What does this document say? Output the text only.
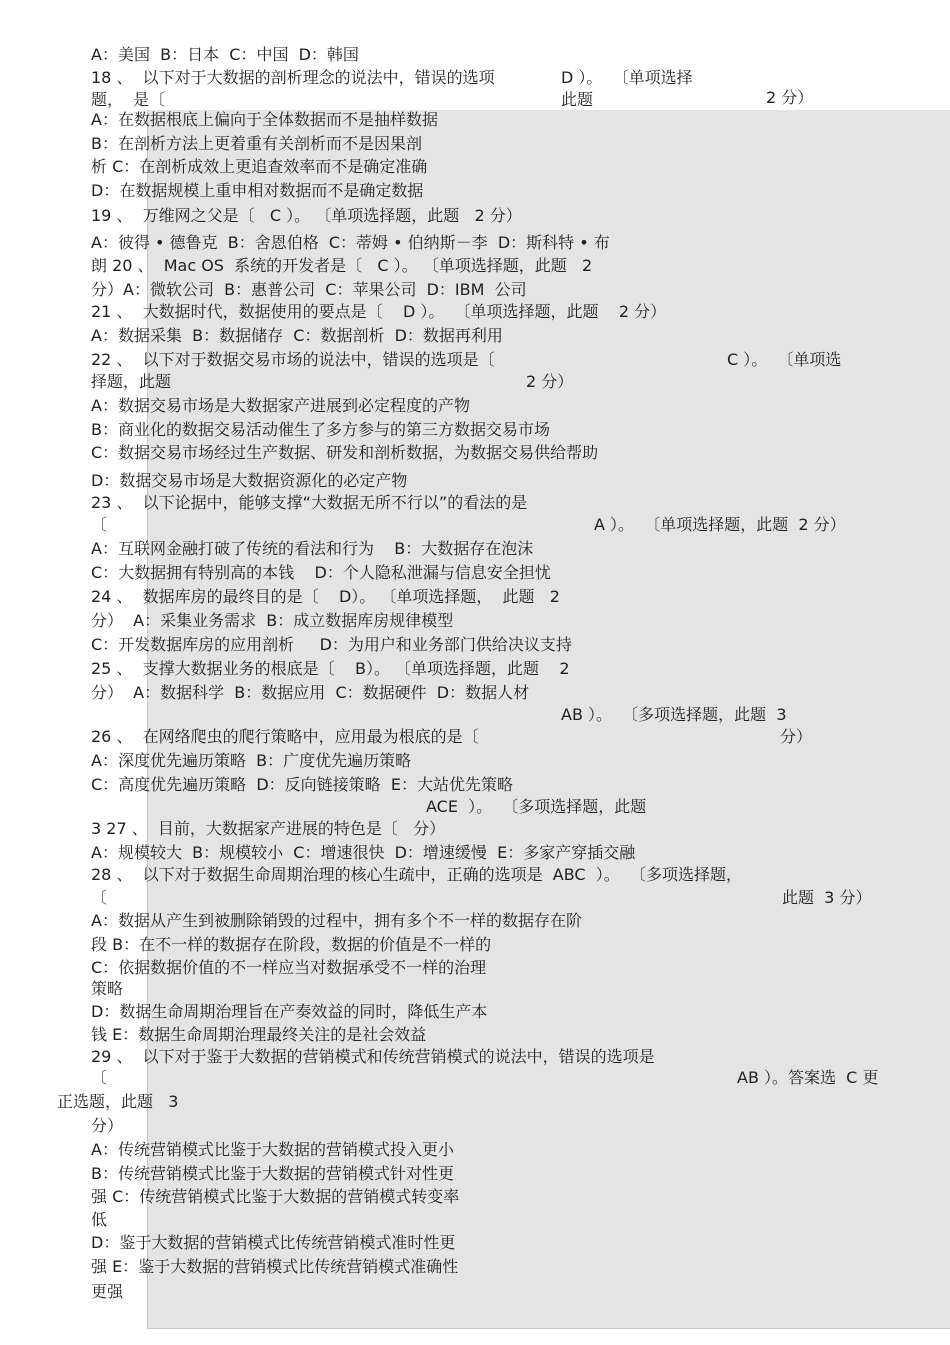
A：美国  B：日本  C：中国  D：韩国
18 、  以下对于大数据的剖析理念的说法中，错误的选项	D ）。  〔单项选择
题，  是〔	此题	2 分）
A：在数据根底上偏向于全体数据而不是抽样数据
B：在剖析方法上更着重有关剖析而不是因果剖
析 C：在剖析成效上更追查效率而不是确定准确
D：在数据规模上重申相对数据而不是确定数据
19 、  万维网之父是〔   C ）。 〔单项选择题，此题   2 分）
A：彼得 • 德鲁克  B：舍恩伯格  C：蒂姆 • 伯纳斯－李  D：斯科特 • 布
朗 20 、  Mac OS  系统的开发者是〔   C ）。 〔单项选择题，此题   2
分）A：微软公司  B：惠普公司  C：苹果公司  D：IBM  公司
21 、  大数据时代，数据使用的要点是〔    D ）。  〔单项选择题，此题    2 分）
A：数据采集  B：数据储存  C：数据剖析  D：数据再利用
22 、  以下对于数据交易市场的说法中，错误的选项是〔	C ）。  〔单项选
择题，此题	2 分）
A：数据交易市场是大数据家产进展到必定程度的产物
B：商业化的数据交易活动催生了多方参与的第三方数据交易市场
C：数据交易市场经过生产数据、研发和剖析数据，为数据交易供给帮助
D：数据交易市场是大数据资源化的必定产物
23 、  以下论据中，能够支撑“大数据无所不行以”的看法的是
〔	A ）。  〔单项选择题，此题  2 分）
A：互联网金融打破了传统的看法和行为    B：大数据存在泡沫
C：大数据拥有特别高的本钱    D：个人隐私泄漏与信息安全担忧
24 、  数据库房的最终目的是〔    D）。 〔单项选择题，  此题   2
分）  A：采集业务需求  B：成立数据库房规律模型
C：开发数据库房的应用剖析     D：为用户和业务部门供给决议支持
25 、  支撑大数据业务的根底是〔    B）。 〔单项选择题，此题    2
分）  A：数据科学  B：数据应用  C：数据硬件  D：数据人材
AB ）。  〔多项选择题，此题  3
26 、  在网络爬虫的爬行策略中，应用最为根底的是〔	分）
A：深度优先遍历策略  B：广度优先遍历策略
C：高度优先遍历策略  D：反向链接策略  E：大站优先策略
ACE  ）。  〔多项选择题，此题
3 27 、  目前，大数据家产进展的特色是〔   分）
A：规模较大  B：规模较小  C：增速很快  D：增速缓慢  E：多家产穿插交融
28 、  以下对于数据生命周期治理的核心生疏中，正确的选项是  ABC  ）。  〔多项选择题，
〔	此题  3 分）
A：数据从产生到被删除销毁的过程中，拥有多个不一样的数据存在阶
段 B：在不一样的数据存在阶段，数据的价值是不一样的
C：依据数据价值的不一样应当对数据承受不一样的治理
策略
D：数据生命周期治理旨在产奏效益的同时，降低生产本
钱 E：数据生命周期治理最终关注的是社会效益
29 、  以下对于鉴于大数据的营销模式和传统营销模式的说法中，错误的选项是
〔	AB ）。答案选  C 更
正选题，此题   3
分）
A：传统营销模式比鉴于大数据的营销模式投入更小
B：传统营销模式比鉴于大数据的营销模式针对性更
强 C：传统营销模式比鉴于大数据的营销模式转变率
低
D：鉴于大数据的营销模式比传统营销模式准时性更
强 E：鉴于大数据的营销模式比传统营销模式准确性
更强
